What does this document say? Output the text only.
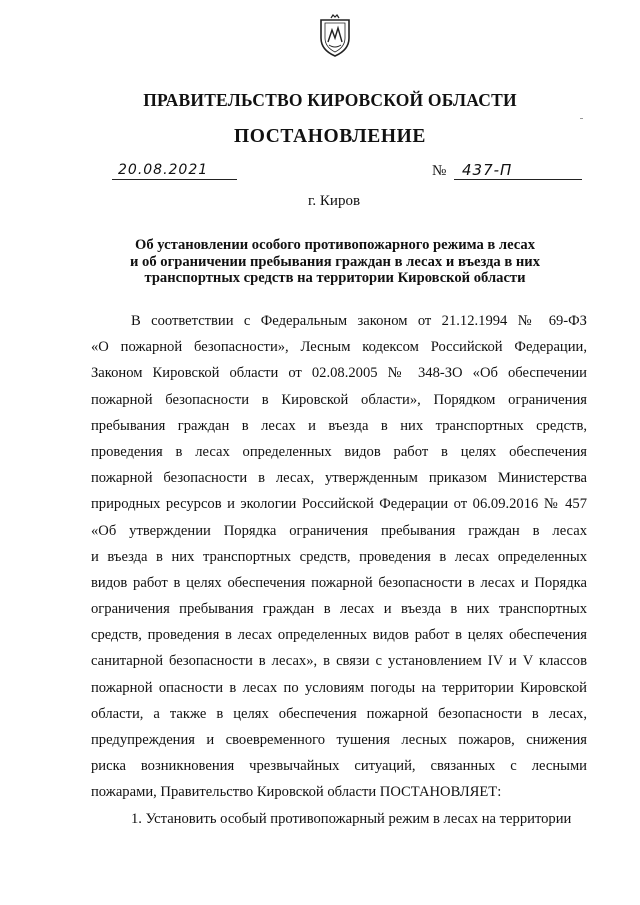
ПРАВИТЕЛЬСТВО КИРОВСКОЙ ОБЛАСТИ
ПОСТАНОВЛЕНИЕ
20.08.2021	№	437-П
г. Киров
Об установлении особого противопожарного режима в лесах
и об ограничении пребывания граждан в лесах и въезда в них
транспортных средств на территории Кировской области
В соответствии с Федеральным законом от 21.12.1994 № 69-ФЗ
«О пожарной безопасности», Лесным кодексом Российской Федерации,
Законом Кировской области от 02.08.2005 № 348-ЗО «Об обеспечении
пожарной безопасности в Кировской области», Порядком ограничения
пребывания граждан в лесах и въезда в них транспортных средств,
проведения в лесах определенных видов работ в целях обеспечения
пожарной безопасности в лесах, утвержденным приказом Министерства
природных ресурсов и экологии Российской Федерации от 06.09.2016 № 457
«Об утверждении Порядка ограничения пребывания граждан в лесах
и въезда в них транспортных средств, проведения в лесах определенных
видов работ в целях обеспечения пожарной безопасности в лесах и Порядка
ограничения пребывания граждан в лесах и въезда в них транспортных
средств, проведения в лесах определенных видов работ в целях обеспечения
санитарной безопасности в лесах», в связи с установлением IV и V классов
пожарной опасности в лесах по условиям погоды на территории Кировской
области, а также в целях обеспечения пожарной безопасности в лесах,
предупреждения и своевременного тушения лесных пожаров, снижения
риска возникновения чрезвычайных ситуаций, связанных с лесными
пожарами, Правительство Кировской области ПОСТАНОВЛЯЕТ:
1. Установить особый противопожарный режим в лесах на территории
